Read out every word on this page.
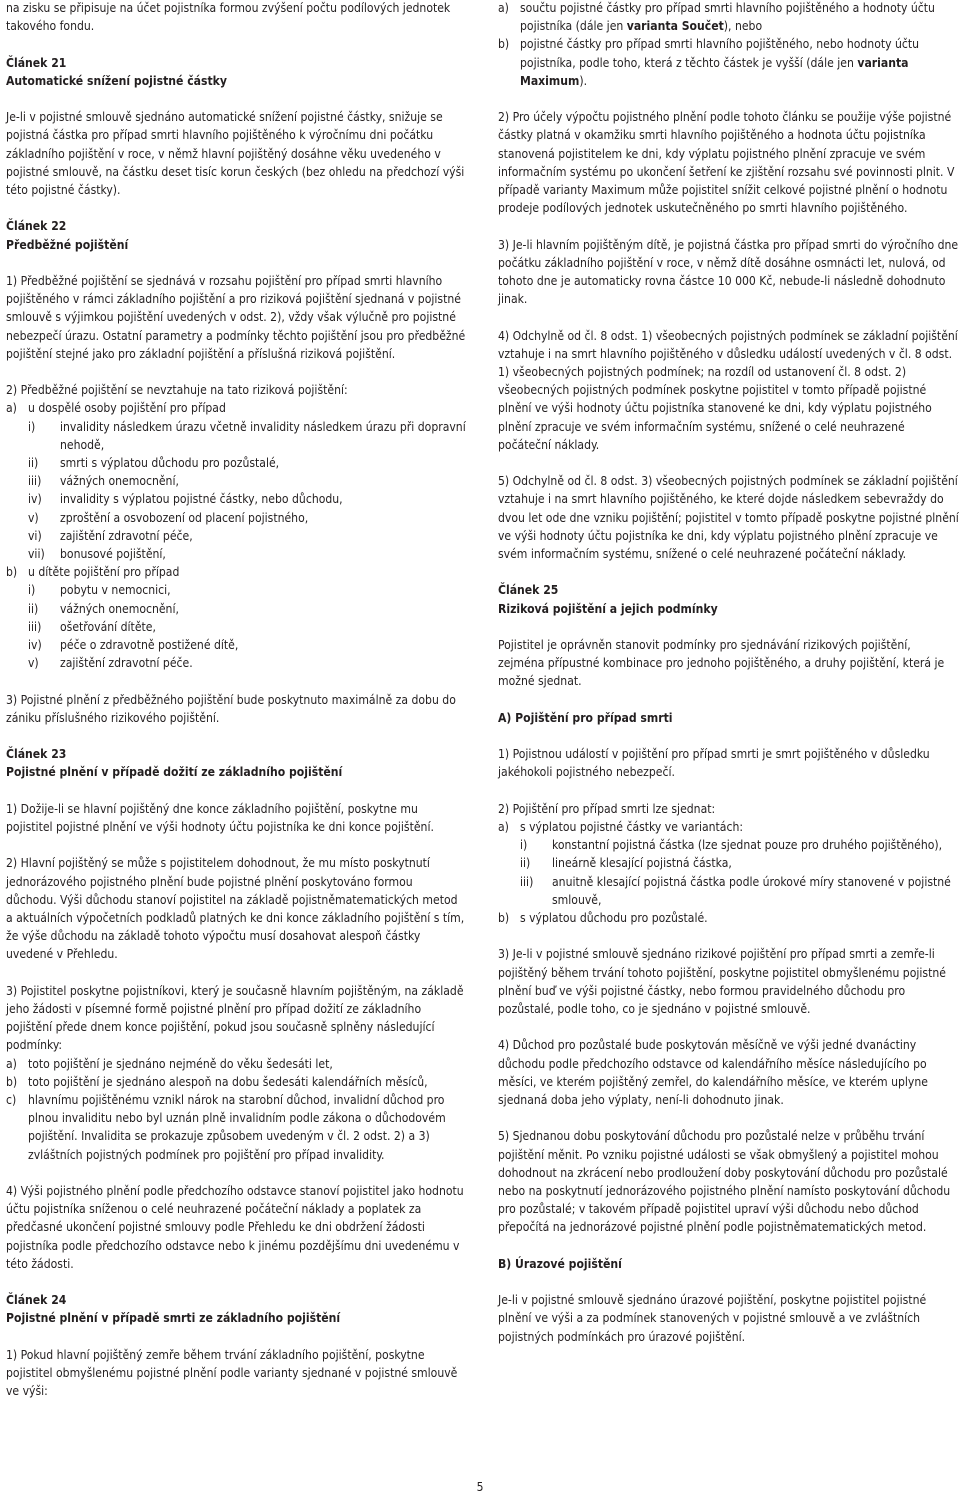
na zisku se připisuje na účet pojistníka formou zvýšení počtu podílových jednotek takového fondu.

Článek 21

Automatické snížení pojistné částky

Je-li v pojistné smlouvě sjednáno automatické snížení pojistné částky, snižuje se pojistná částka pro případ smrti hlavního pojištěného k výročnímu dni počátku základního pojištění v roce, v němž hlavní pojištěný dosáhne věku uvedeného v pojistné smlouvě, na částku deset tisíc korun českých (bez ohledu na předchozí výši této pojistné částky).

Článek 22

Předběžné pojištění

1) Předběžné pojištění se sjednává v rozsahu pojištění pro případ smrti hlavního pojištěného v rámci základního pojištění a pro riziková pojištění sjednaná v pojistné smlouvě s výjimkou pojištění uvedených v odst. 2), vždy však výlučně pro pojistné nebezpečí úrazu. Ostatní parametry a podmínky těchto pojištění jsou pro předběžné pojištění stejné jako pro základní pojištění a příslušná riziková pojištění.

2) Předběžné pojištění se nevztahuje na tato riziková pojištění:

a) u dospělé osoby pojištění pro případ
i)	invalidity následkem úrazu včetně invalidity následkem úrazu při dopravní nehodě,
ii)	smrti s výplatou důchodu pro pozůstalé,
iii)	vážných onemocnění,
iv)	invalidity s výplatou pojistné částky, nebo důchodu,
v)	zproštění a osvobození od placení pojistného,
vi)	zajištění zdravotní péče,
vii)	bonusové pojištění,
b) u dítěte pojištění pro případ
i)	pobytu v nemocnici,
ii)	vážných onemocnění,
iii)	ošetřování dítěte,
iv)	péče o zdravotně postižené dítě,
v)	zajištění zdravotní péče.

3) Pojistné plnění z předběžného pojištění bude poskytnuto maximálně za dobu do zániku příslušného rizikového pojištění.

Článek 23

Pojistné plnění v případě dožití ze základního pojištění

1) Dožije-li se hlavní pojištěný dne konce základního pojištění, poskytne mu pojistitel pojistné plnění ve výši hodnoty účtu pojistníka ke dni konce pojištění.

2) Hlavní pojištěný se může s pojistitelem dohodnout, že mu místo poskytnutí jednorázového pojistného plnění bude pojistné plnění poskytováno formou důchodu. Výši důchodu stanoví pojistitel na základě pojistněmatematických metod a aktuálních výpočetních podkladů platných ke dni konce základního pojištění s tím, že výše důchodu na základě tohoto výpočtu musí dosahovat alespoň částky uvedené v Přehledu.

3) Pojistitel poskytne pojistníkovi, který je současně hlavním pojištěným, na základě jeho žádosti v písemné formě pojistné plnění pro případ dožití ze základního pojištění přede dnem konce pojištění, pokud jsou současně splněny následující podmínky:

a) toto pojištění je sjednáno nejméně do věku šedesáti let,
b) toto pojištění je sjednáno alespoň na dobu šedesáti kalendářních měsíců,
c) hlavnímu pojištěnému vznikl nárok na starobní důchod, invalidní důchod pro plnou invaliditu nebo byl uznán plně invalidním podle zákona o důchodovém pojištění. Invalidita se prokazuje způsobem uvedeným v čl. 2 odst. 2) a 3) zvláštních pojistných podmínek pro pojištění pro případ invalidity.

4) Výši pojistného plnění podle předchozího odstavce stanoví pojistitel jako hodnotu účtu pojistníka sníženou o celé neuhrazené počáteční náklady a poplatek za předčasné ukončení pojistné smlouvy podle Přehledu ke dni obdržení žádosti pojistníka podle předchozího odstavce nebo k jinému pozdějšímu dni uvedenému v této žádosti.

Článek 24

Pojistné plnění v případě smrti ze základního pojištění

1) Pokud hlavní pojištěný zemře během trvání základního pojištění, poskytne pojistitel obmyšlenému pojistné plnění podle varianty sjednané v pojistné smlouvě ve výši:

a) součtu pojistné částky pro případ smrti hlavního pojištěného a hodnoty účtu pojistníka (dále jen varianta Součet), nebo
b) pojistné částky pro případ smrti hlavního pojištěného, nebo hodnoty účtu pojistníka, podle toho, která z těchto částek je vyšší (dále jen varianta Maximum).

2) Pro účely výpočtu pojistného plnění podle tohoto článku se použije výše pojistné částky platná v okamžiku smrti hlavního pojištěného a hodnota účtu pojistníka stanovená pojistitelem ke dni, kdy výplatu pojistného plnění zpracuje ve svém informačním systému po ukončení šetření ke zjištění rozsahu své povinnosti plnit. V případě varianty Maximum může pojistitel snížit celkové pojistné plnění o hodnotu prodeje podílových jednotek uskutečněného po smrti hlavního pojištěného.

3) Je-li hlavním pojištěným dítě, je pojistná částka pro případ smrti do výročního dne počátku základního pojištění v roce, v němž dítě dosáhne osmnácti let, nulová, od tohoto dne je automaticky rovna částce 10 000 Kč, nebude-li následně dohodnuto jinak.

4) Odchylně od čl. 8 odst. 1) všeobecných pojistných podmínek se základní pojištění vztahuje i na smrt hlavního pojištěného v důsledku událostí uvedených v čl. 8 odst. 1) všeobecných pojistných podmínek; na rozdíl od ustanovení čl. 8 odst. 2) všeobecných pojistných podmínek poskytne pojistitel v tomto případě pojistné plnění ve výši hodnoty účtu pojistníka stanovené ke dni, kdy výplatu pojistného plnění zpracuje ve svém informačním systému, snížené o celé neuhrazené počáteční náklady.

5) Odchylně od čl. 8 odst. 3) všeobecných pojistných podmínek se základní pojištění vztahuje i na smrt hlavního pojištěného, ke které dojde následkem sebevraždy do dvou let ode dne vzniku pojištění; pojistitel v tomto případě poskytne pojistné plnění ve výši hodnoty účtu pojistníka ke dni, kdy výplatu pojistného plnění zpracuje ve svém informačním systému, snížené o celé neuhrazené počáteční náklady.

Článek 25

Riziková pojištění a jejich podmínky

Pojistitel je oprávněn stanovit podmínky pro sjednávání rizikových pojištění, zejména přípustné kombinace pro jednoho pojištěného, a druhy pojištění, která je možné sjednat.

A) Pojištění pro případ smrti

1) Pojistnou událostí v pojištění pro případ smrti je smrt pojištěného v důsledku jakéhokoli pojistného nebezpečí.

2) Pojištění pro případ smrti lze sjednat:

a) s výplatou pojistné částky ve variantách:
i)	konstantní pojistná částka (lze sjednat pouze pro druhého pojištěného),
ii)	lineárně klesající pojistná částka,
iii)	anuitně klesající pojistná částka podle úrokové míry stanovené v pojistné smlouvě,
b) s výplatou důchodu pro pozůstalé.

3) Je-li v pojistné smlouvě sjednáno rizikové pojištění pro případ smrti a zemře-li pojištěný během trvání tohoto pojištění, poskytne pojistitel obmyšlenému pojistné plnění buď ve výši pojistné částky, nebo formou pravidelného důchodu pro pozůstalé, podle toho, co je sjednáno v pojistné smlouvě.

4) Důchod pro pozůstalé bude poskytován měsíčně ve výši jedné dvanáctiny důchodu podle předchozího odstavce od kalendářního měsíce následujícího po měsíci, ve kterém pojištěný zemřel, do kalendářního měsíce, ve kterém uplyne sjednaná doba jeho výplaty, není-li dohodnuto jinak.

5) Sjednanou dobu poskytování důchodu pro pozůstalé nelze v průběhu trvání pojištění měnit. Po vzniku pojistné události se však obmyšlený a pojistitel mohou dohodnout na zkrácení nebo prodloužení doby poskytování důchodu pro pozůstalé nebo na poskytnutí jednorázového pojistného plnění namísto poskytování důchodu pro pozůstalé; v takovém případě pojistitel upraví výši důchodu nebo důchod přepočítá na jednorázové pojistné plnění podle pojistněmatematických metod.

B) Úrazové pojištění

Je-li v pojistné smlouvě sjednáno úrazové pojištění, poskytne pojistitel pojistné plnění ve výši a za podmínek stanovených v pojistné smlouvě a ve zvláštních pojistných podmínkách pro úrazové pojištění.

5
